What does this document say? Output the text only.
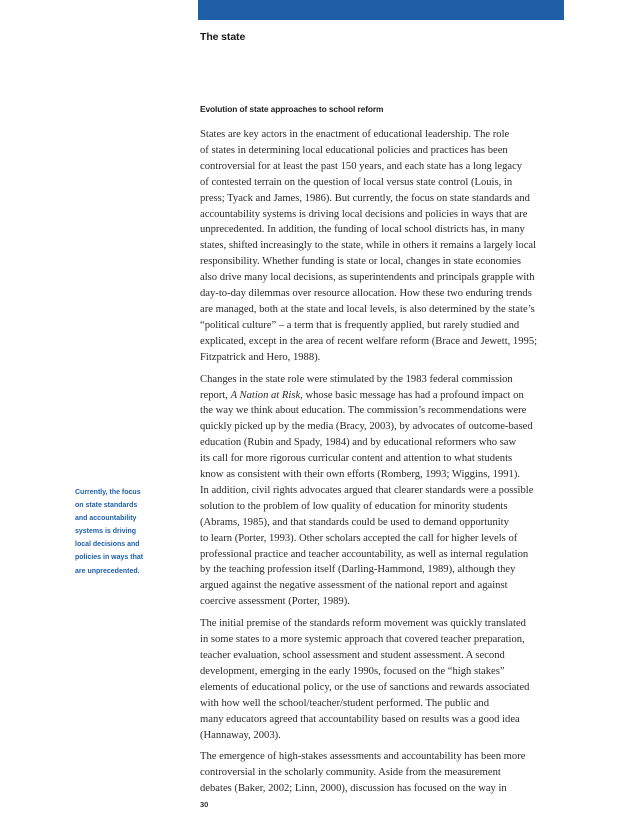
The state
Evolution of state approaches to school reform
Currently, the focus
on state standards
and accountability
systems is driving
local decisions and
policies in ways that
are unprecedented.

States are key actors in the enactment of educational leadership. The role
of states in determining local educational policies and practices has been
controversial for at least the past 150 years, and each state has a long legacy
of contested terrain on the question of local versus state control (Louis, in
press; Tyack and James, 1986). But currently, the focus on state standards and
accountability systems is driving local decisions and policies in ways that are
unprecedented. In addition, the funding of local school districts has, in many
states, shifted increasingly to the state, while in others it remains a largely local
responsibility. Whether funding is state or local, changes in state economies
also drive many local decisions, as superintendents and principals grapple with
day-to-day dilemmas over resource allocation. How these two enduring trends
are managed, both at the state and local levels, is also determined by the state’s
“political culture” – a term that is frequently applied, but rarely studied and
explicated, except in the area of recent welfare reform (Brace and Jewett, 1995;
Fitzpatrick and Hero, 1988).

Changes in the state role were stimulated by the 1983 federal commission
report, A Nation at Risk, whose basic message has had a profound impact on
the way we think about education. The commission’s recommendations were
quickly picked up by the media (Bracy, 2003), by advocates of outcome-based
education (Rubin and Spady, 1984) and by educational reformers who saw
its call for more rigorous curricular content and attention to what students
know as consistent with their own efforts (Romberg, 1993; Wiggins, 1991).
In addition, civil rights advocates argued that clearer standards were a possible
solution to the problem of low quality of education for minority students
(Abrams, 1985), and that standards could be used to demand opportunity
to learn (Porter, 1993). Other scholars accepted the call for higher levels of
professional practice and teacher accountability, as well as internal regulation
by the teaching profession itself (Darling-Hammond, 1989), although they
argued against the negative assessment of the national report and against
coercive assessment (Porter, 1989).

The initial premise of the standards reform movement was quickly translated
in some states to a more systemic approach that covered teacher preparation,
teacher evaluation, school assessment and student assessment. A second
development, emerging in the early 1990s, focused on the “high stakes”
elements of educational policy, or the use of sanctions and rewards associated
with how well the school/teacher/student performed. The public and
many educators agreed that accountability based on results was a good idea
(Hannaway, 2003).

The emergence of high-stakes assessments and accountability has been more
controversial in the scholarly community. Aside from the measurement
debates (Baker, 2002; Linn, 2000), discussion has focused on the way in

30
